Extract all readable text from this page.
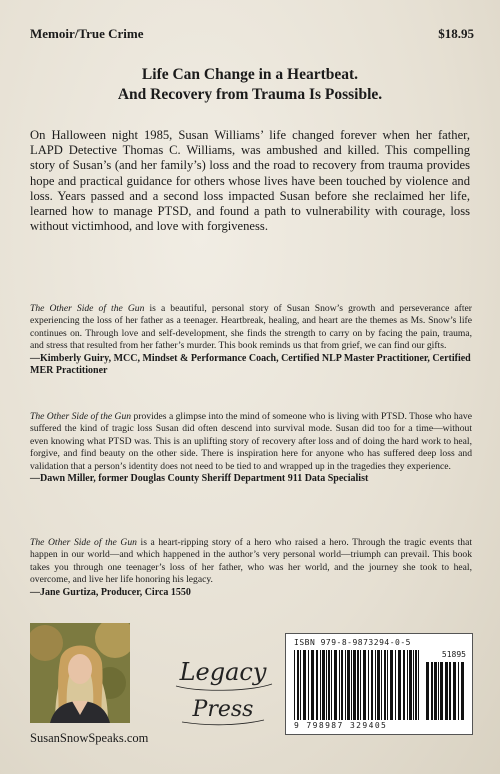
Memoir/True Crime	$18.95
Life Can Change in a Heartbeat.
And Recovery from Trauma Is Possible.
On Halloween night 1985, Susan Williams’ life changed forever when her father, LAPD Detective Thomas C. Williams, was ambushed and killed. This compelling story of Susan’s (and her family’s) loss and the road to recovery from trauma provides hope and practical guidance for others whose lives have been touched by violence and loss. Years passed and a second loss impacted Susan before she reclaimed her life, learned how to manage PTSD, and found a path to vulnerability with courage, loss without victimhood, and love with forgiveness.
The Other Side of the Gun is a beautiful, personal story of Susan Snow’s growth and perseverance after experiencing the loss of her father as a teenager. Heartbreak, healing, and heart are the themes as Ms. Snow’s life continues on. Through love and self-development, she finds the strength to carry on by facing the pain, trauma, and stress that resulted from her father’s murder. This book reminds us that from grief, we can find our gifts.
—Kimberly Guiry, MCC, Mindset & Performance Coach, Certified NLP Master Practitioner, Certified MER Practitioner
The Other Side of the Gun provides a glimpse into the mind of someone who is living with PTSD. Those who have suffered the kind of tragic loss Susan did often descend into survival mode. Susan did too for a time—without even knowing what PTSD was. This is an uplifting story of recovery after loss and of doing the hard work to heal, forgive, and find beauty on the other side. There is inspiration here for anyone who has suffered deep loss and validation that a person’s identity does not need to be tied to and wrapped up in the tragedies they experience.
—Dawn Miller, former Douglas County Sheriff Department 911 Data Specialist
The Other Side of the Gun is a heart-ripping story of a hero who raised a hero. Through the tragic events that happen in our world—and which happened in the author’s very personal world—triumph can prevail. This book takes you through one teenager’s loss of her father, who was her world, and the journey she took to heal, overcome, and live her life honoring his legacy.
—Jane Gurtiza, Producer, Circa 1550
SusanSnowSpeaks.com
Legacy
Press
ISBN 979-8-9873294-0-5
51895
9 798987 329405
